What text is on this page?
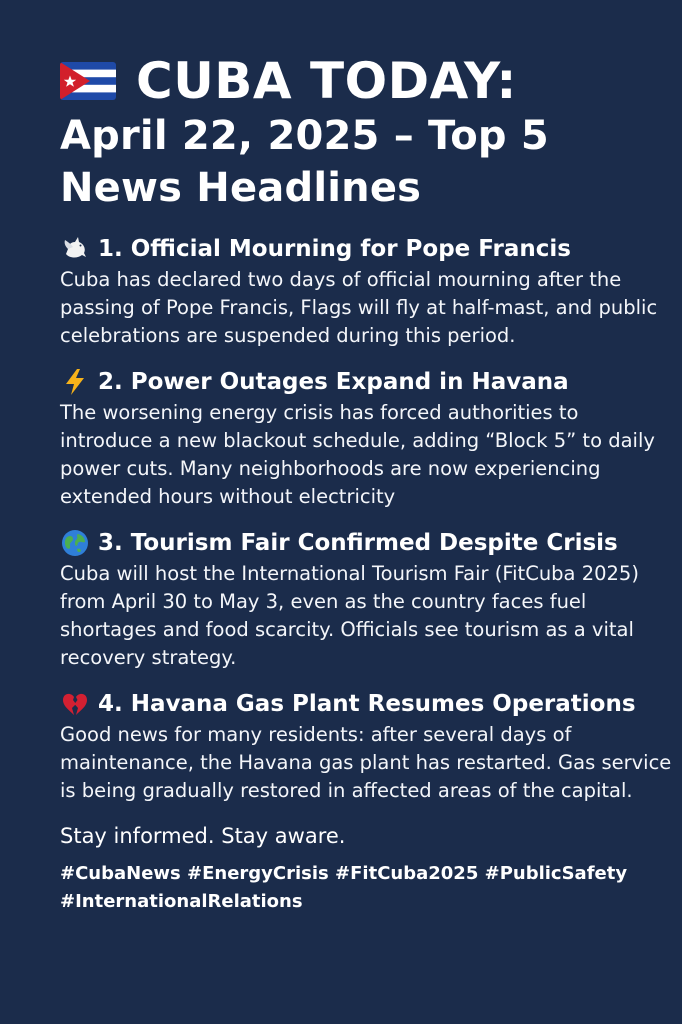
CUBA TODAY:
April 22, 2025 – Top 5
News Headlines
1. Official Mourning for Pope Francis
Cuba has declared two days of official mourning after the passing of Pope Francis, Flags will fly at half-mast, and public celebrations are suspended during this period.
2. Power Outages Expand in Havana
The worsening energy crisis has forced authorities to introduce a new blackout schedule, adding “Block 5” to daily power cuts. Many neighborhoods are now experiencing extended hours without electricity
3. Tourism Fair Confirmed Despite Crisis
Cuba will host the International Tourism Fair (FitCuba 2025) from April 30 to May 3, even as the country faces fuel shortages and food scarcity. Officials see tourism as a vital recovery strategy.
4. Havana Gas Plant Resumes Operations
Good news for many residents: after several days of maintenance, the Havana gas plant has restarted. Gas service is being gradually restored in affected areas of the capital.
Stay informed. Stay aware.
#CubaNews #EnergyCrisis #FitCuba2025 #PublicSafety #InternationalRelations
